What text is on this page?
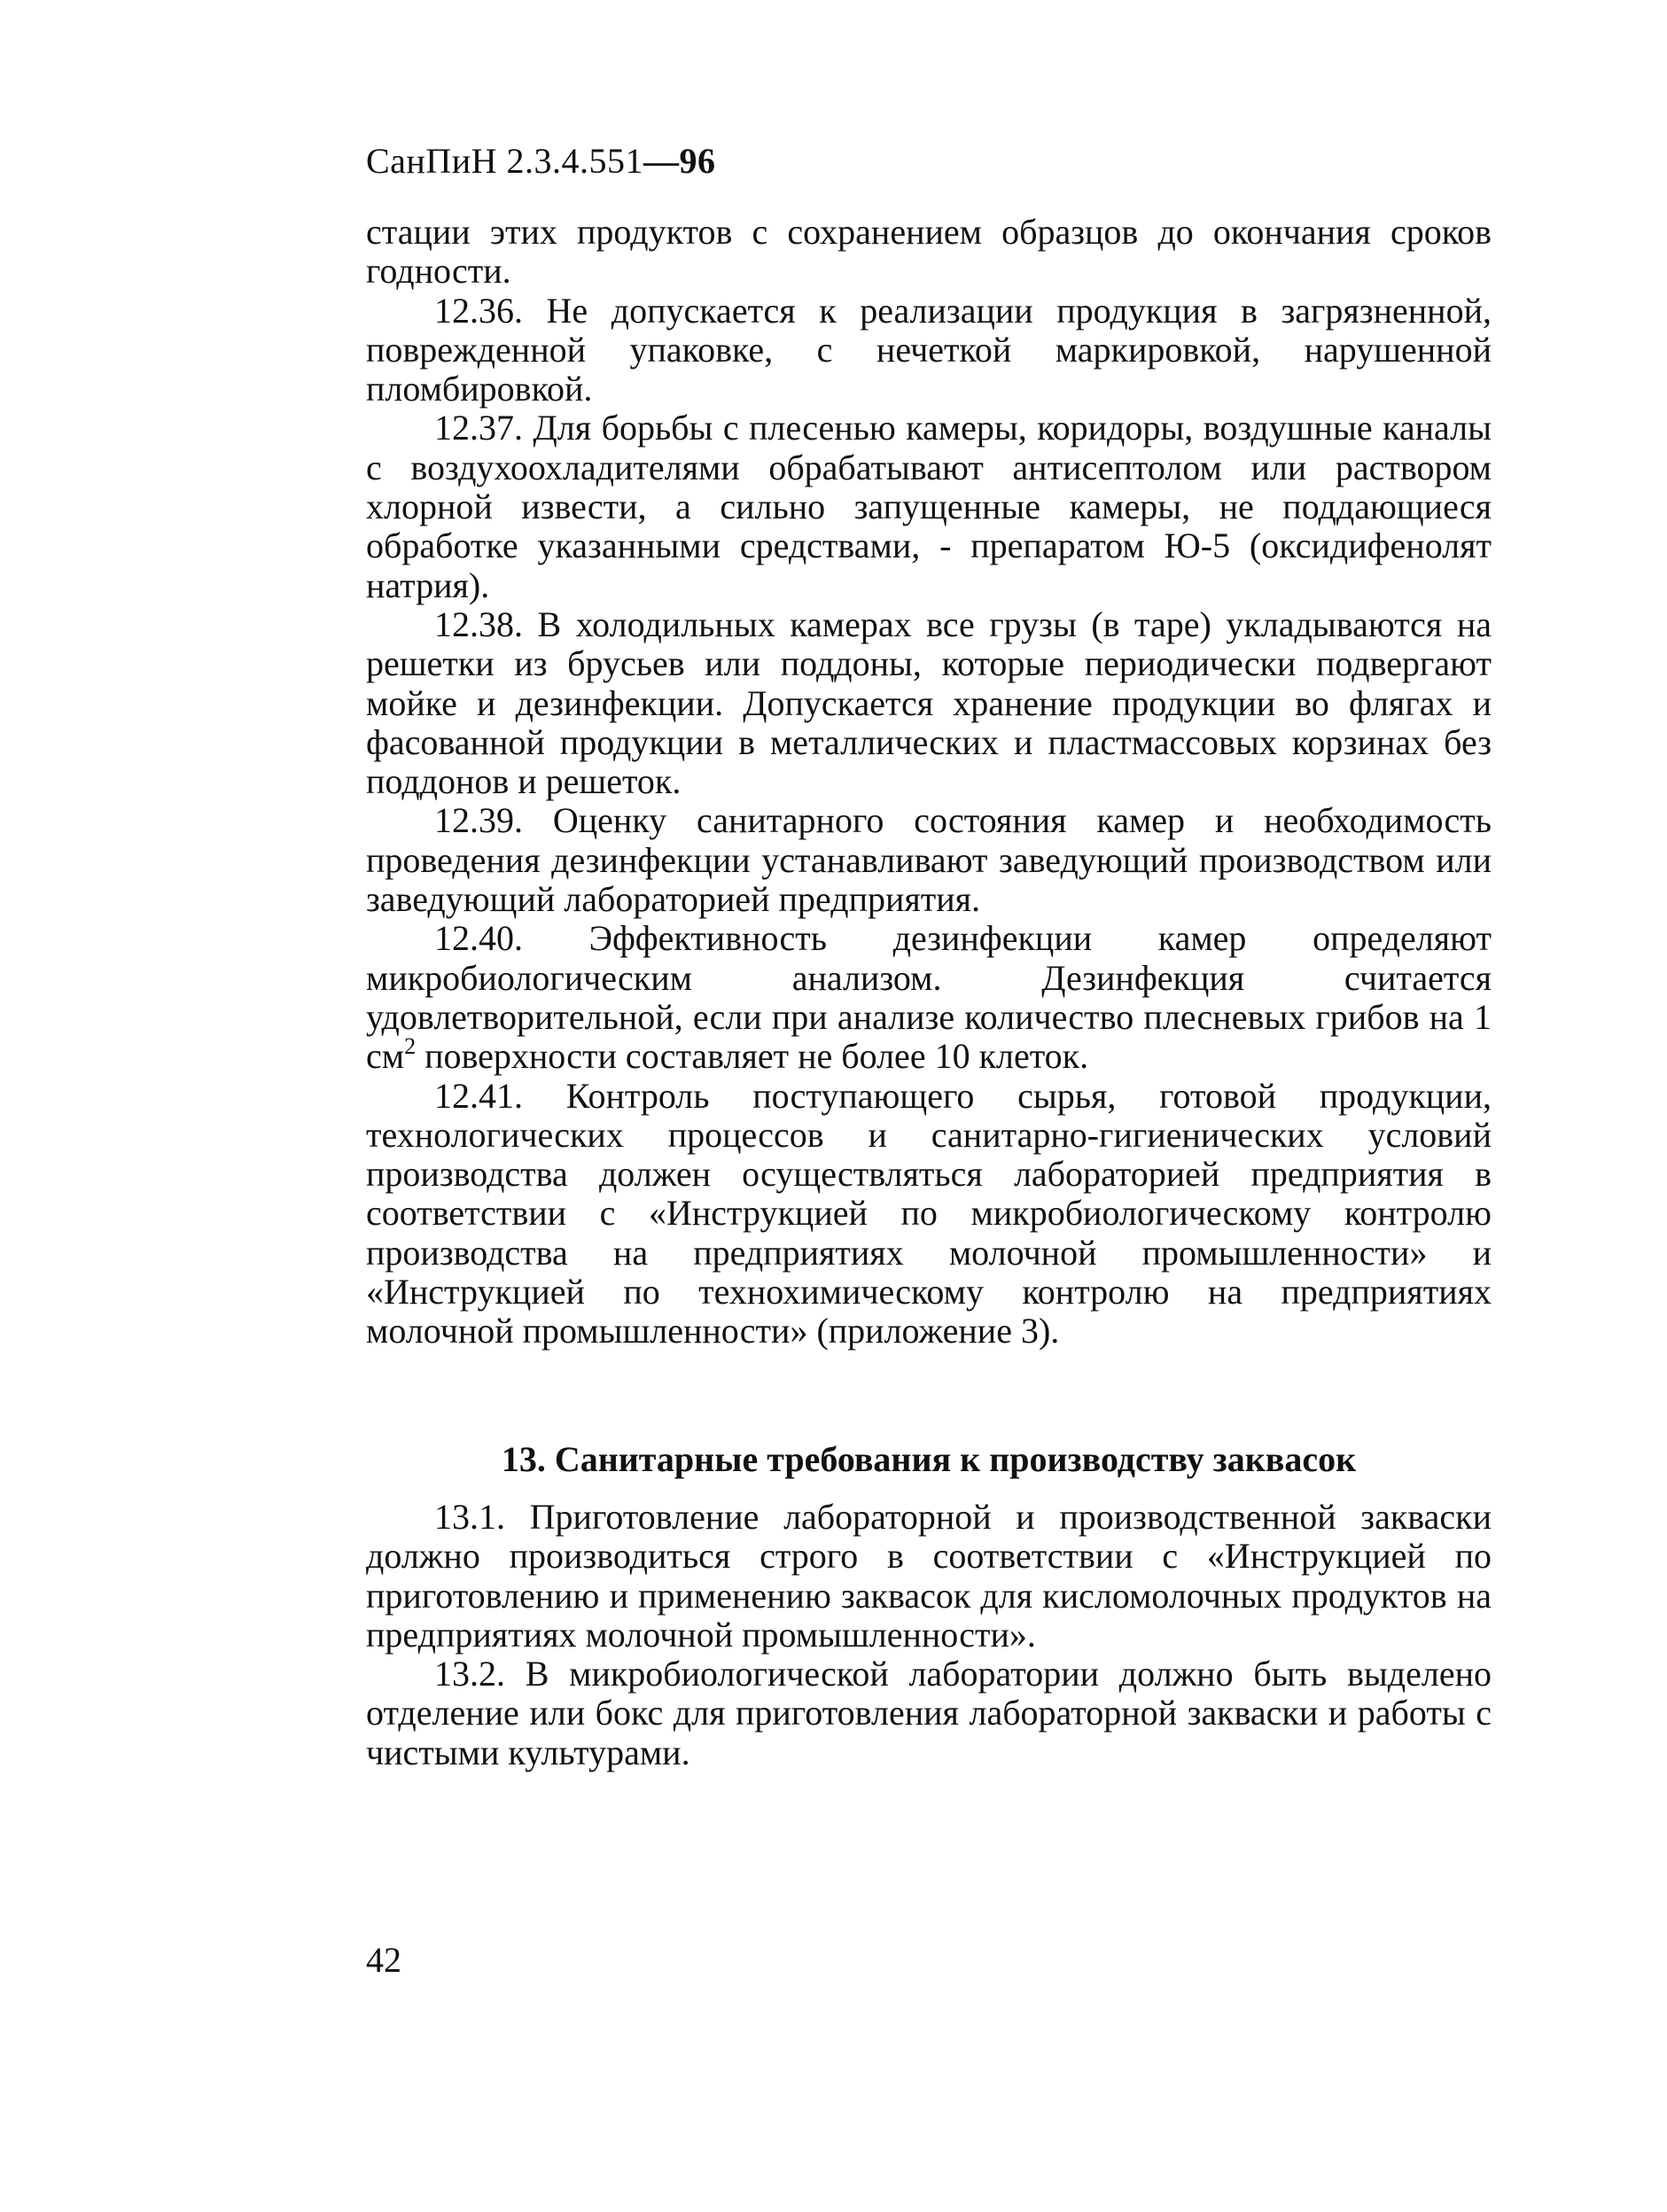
СанПиН 2.3.4.551—96

стации этих продуктов с сохранением образцов до окончания сроков годности.

12.36. Не допускается к реализации продукция в загрязненной, поврежденной упаковке, с нечеткой маркировкой, нарушенной пломбировкой.

12.37. Для борьбы с плесенью камеры, коридоры, воздушные каналы с воздухоохладителями обрабатывают антисептолом или раствором хлорной извести, а сильно запущенные камеры, не поддающиеся обработке указанными средствами, - препаратом Ю-5 (оксидифенолят натрия).

12.38. В холодильных камерах все грузы (в таре) укладываются на решетки из брусьев или поддоны, которые периодически подвергают мойке и дезинфекции. Допускается хранение продукции во флягах и фасованной продукции в металлических и пластмассовых корзинах без поддонов и решеток.

12.39. Оценку санитарного состояния камер и необходимость проведения дезинфекции устанавливают заведующий производством или заведующий лабораторией предприятия.

12.40. Эффективность дезинфекции камер определяют микробиологическим анализом. Дезинфекция считается удовлетворительной, если при анализе количество плесневых грибов на 1 $см^2$ поверхности составляет не более 10 клеток.

12.41. Контроль поступающего сырья, готовой продукции, технологических процессов и санитарно-гигиенических условий производства должен осуществляться лабораторией предприятия в соответствии с «Инструкцией по микробиологическому контролю производства на предприятиях молочной промышленности» и «Инструкцией по технохимическому контролю на предприятиях молочной промышленности» (приложение 3).

13. Санитарные требования к производству заквасок

13.1. Приготовление лабораторной и производственной закваски должно производиться строго в соответствии с «Инструкцией по приготовлению и применению заквасок для кисломолочных продуктов на предприятиях молочной промышленности».

13.2. В микробиологической лаборатории должно быть выделено отделение или бокс для приготовления лабораторной закваски и работы с чистыми культурами.

42
